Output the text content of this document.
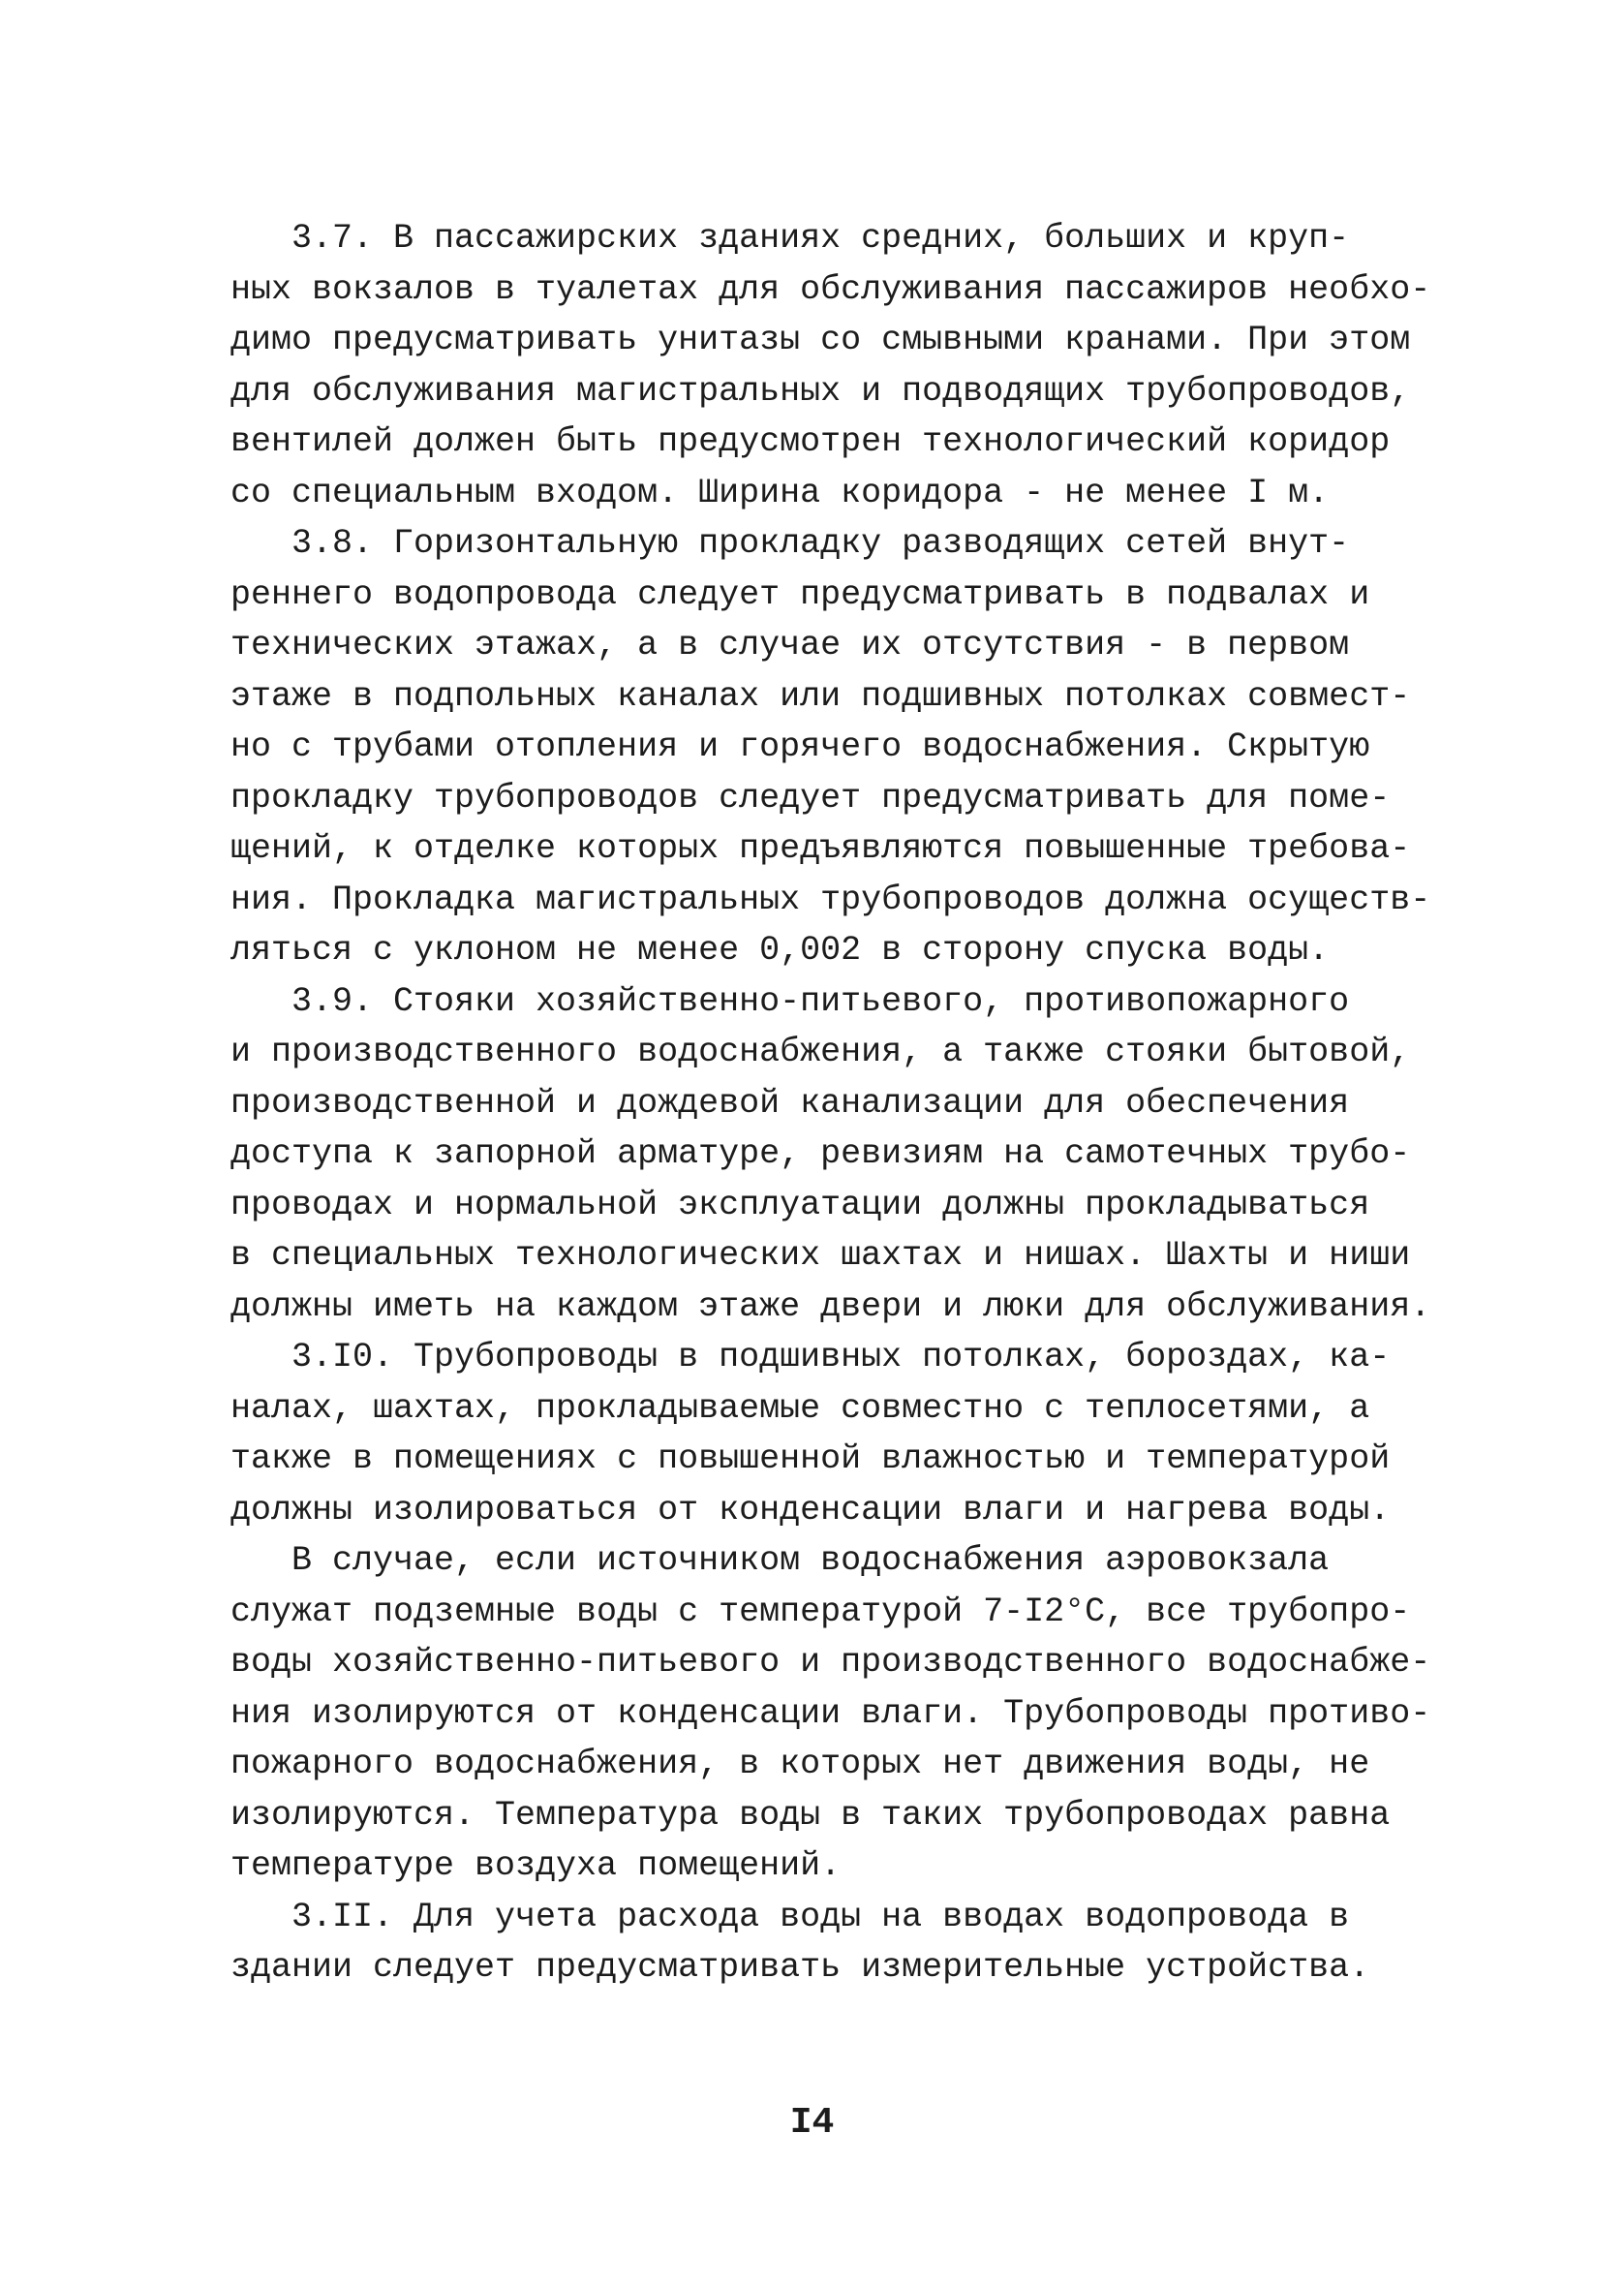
3.7. В пассажирских зданиях средних, больших и круп-
ных вокзалов в туалетах для обслуживания пассажиров необхо-
димо предусматривать унитазы со смывными кранами. При этом
для обслуживания магистральных и подводящих трубопроводов,
вентилей должен быть предусмотрен технологический коридор
со специальным входом. Ширина коридора - не менее I м.
3.8. Горизонтальную прокладку разводящих сетей внут-
реннего водопровода следует предусматривать в подвалах и
технических этажах, а в случае их отсутствия - в первом
этаже в подпольных каналах или подшивных потолках совмест-
но с трубами отопления и горячего водоснабжения. Скрытую
прокладку трубопроводов следует предусматривать для поме-
щений, к отделке которых предъявляются повышенные требова-
ния. Прокладка магистральных трубопроводов должна осуществ-
ляться с уклоном не менее 0,002 в сторону спуска воды.
3.9. Стояки хозяйственно-питьевого, противопожарного
и производственного водоснабжения, а также стояки бытовой,
производственной и дождевой канализации для обеспечения
доступа к запорной арматуре, ревизиям на самотечных трубо-
проводах и нормальной эксплуатации должны прокладываться
в специальных технологических шахтах и нишах. Шахты и ниши
должны иметь на каждом этаже двери и люки для обслуживания.
3.I0. Трубопроводы в подшивных потолках, бороздах, ка-
налах, шахтах, прокладываемые совместно с теплосетями, а
также в помещениях с повышенной влажностью и температурой
должны изолироваться от конденсации влаги и нагрева воды.
В случае, если источником водоснабжения аэровокзала
служат подземные воды с температурой 7-I2°С, все трубопро-
воды хозяйственно-питьевого и производственного водоснабже-
ния изолируются от конденсации влаги. Трубопроводы противо-
пожарного водоснабжения, в которых нет движения воды, не
изолируются. Температура воды в таких трубопроводах равна
температуре воздуха помещений.
3.II. Для учета расхода воды на вводах водопровода в
здании следует предусматривать измерительные устройства.
I4
